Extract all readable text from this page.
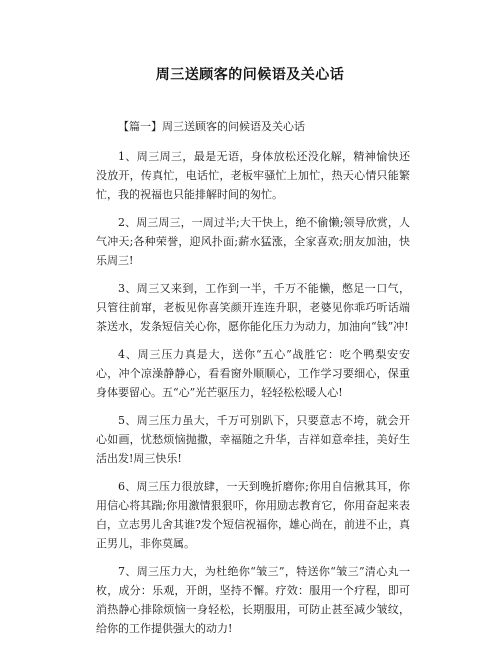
周三送顾客的问候语及关心话

【篇一】周三送顾客的问候语及关心话

1、周三周三，最是无语，身体放松还没化解，精神愉快还没放开，传真忙，电话忙，老板牢骚忙上加忙，热天心情只能繁忙，我的祝福也只能排解时间的匆忙。

2、周三周三，一周过半;大干快上，绝不偷懒;领导欣赏，人气冲天;各种荣誉，迎风扑面;薪水猛涨，全家喜欢;朋友加油，快乐周三!

3、周三又来到，工作到一半，千万不能懒，憋足一口气，只管往前窜，老板见你喜笑颜开连连升职，老婆见你乖巧听话端茶送水，发条短信关心你，愿你能化压力为动力，加油向“钱”冲!

4、周三压力真是大，送你“五心”战胜它：吃个鸭梨安安心，冲个凉澡静静心，看看窗外顺顺心，工作学习要细心，保重身体要留心。五“心”光芒驱压力，轻轻松松暖人心!

5、周三压力虽大，千万可别趴下，只要意志不垮，就会开心如画，忧愁烦恼抛撒，幸福随之升华，吉祥如意牵挂，美好生活出发!周三快乐!

6、周三压力很放肆，一天到晚折磨你;你用自信揪其耳，你用信心将其踹;你用激情狠狠吓，你用励志教育它，你用奋起来表白，立志男儿舍其谁?发个短信祝福你，雄心尚在，前进不止，真正男儿，非你莫属。

7、周三压力大，为杜绝你“皱三”，特送你“皱三”清心丸一枚，成分：乐观，开朗，坚持不懈。疗效：服用一个疗程，即可消热静心排除烦恼一身轻松，长期服用，可防止甚至减少皱纹，给你的工作提供强大的动力!
